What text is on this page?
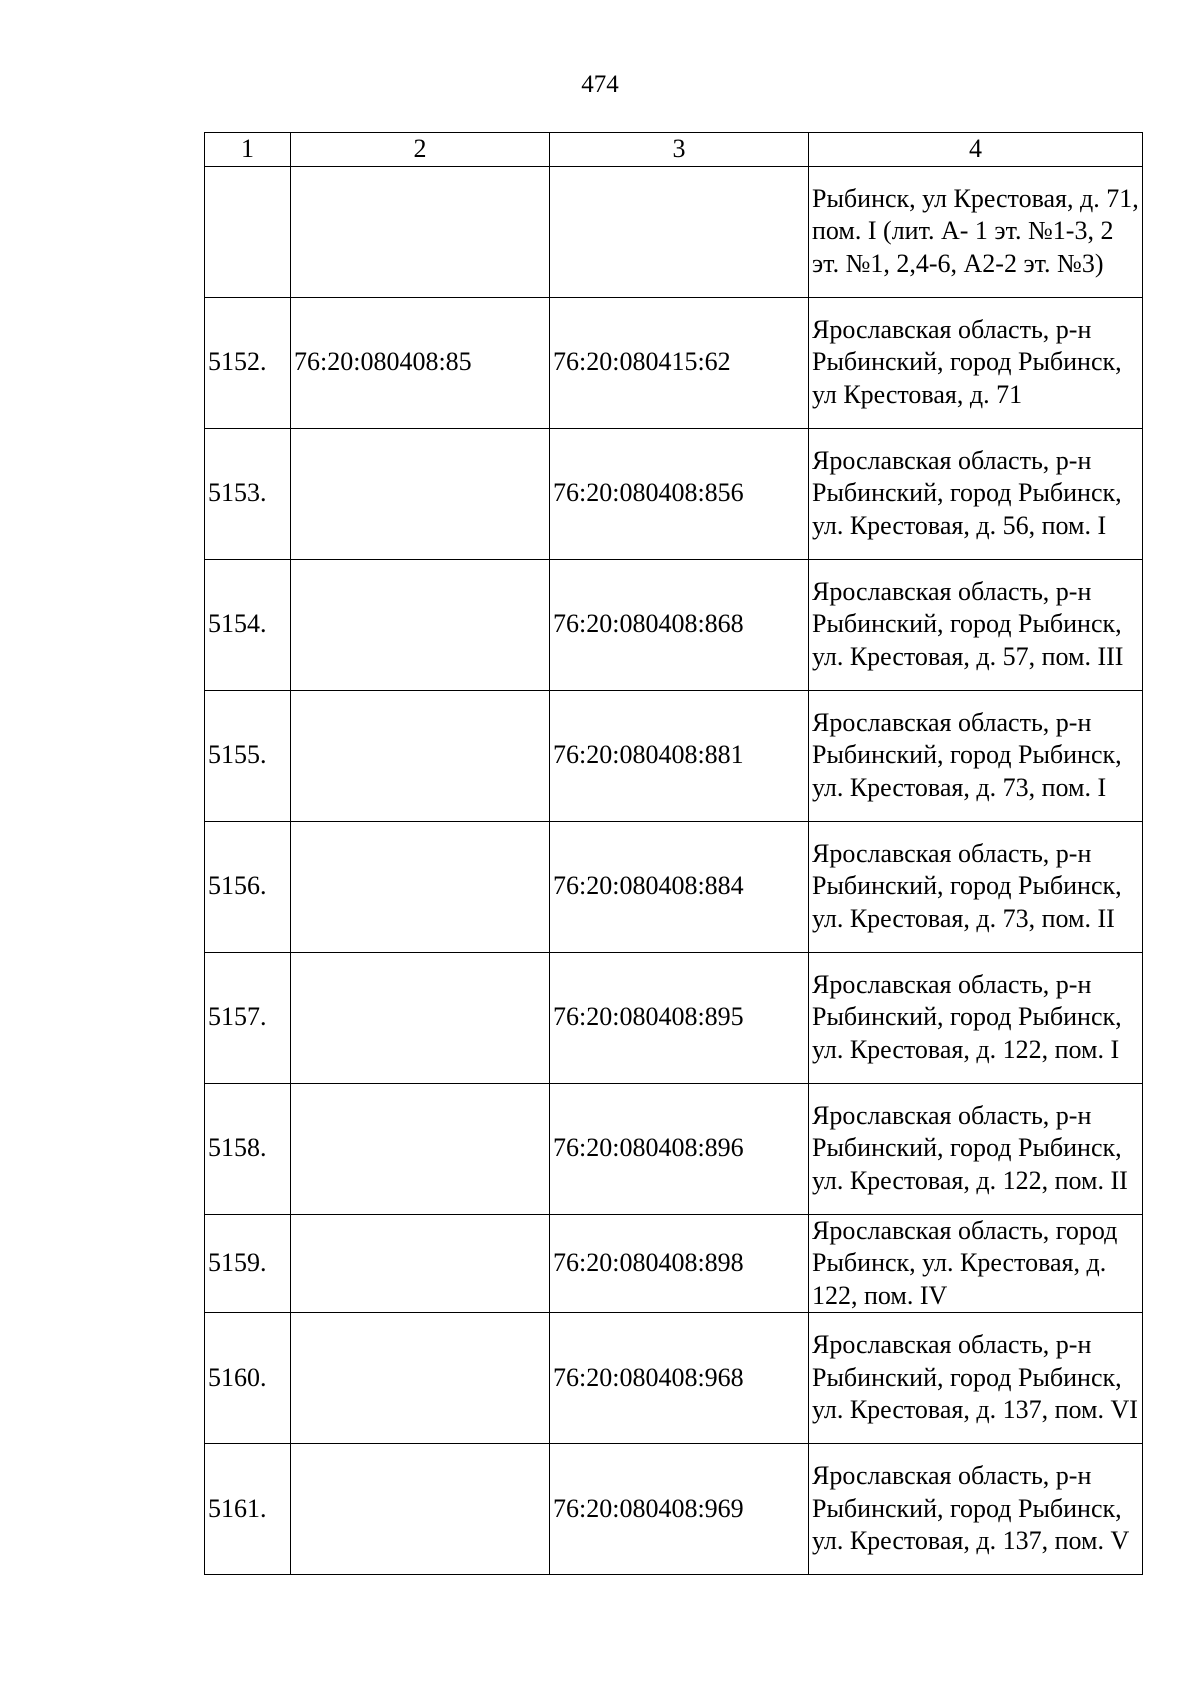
474
1	2	3	4
			Рыбинск, ул Крестовая, д. 71, пом. I (лит. А- 1 эт. №1-3, 2 эт. №1, 2,4-6, А2-2 эт. №3)
5152.	76:20:080408:85	76:20:080415:62	Ярославская область, р-н Рыбинский, город Рыбинск, ул Крестовая, д. 71
5153.		76:20:080408:856	Ярославская область, р-н Рыбинский, город Рыбинск, ул. Крестовая, д. 56, пом. I
5154.		76:20:080408:868	Ярославская область, р-н Рыбинский, город Рыбинск, ул. Крестовая, д. 57, пом. III
5155.		76:20:080408:881	Ярославская область, р-н Рыбинский, город Рыбинск, ул. Крестовая, д. 73, пом. I
5156.		76:20:080408:884	Ярославская область, р-н Рыбинский, город Рыбинск, ул. Крестовая, д. 73, пом. II
5157.		76:20:080408:895	Ярославская область, р-н Рыбинский, город Рыбинск, ул. Крестовая, д. 122, пом. I
5158.		76:20:080408:896	Ярославская область, р-н Рыбинский, город Рыбинск, ул. Крестовая, д. 122, пом. II
5159.		76:20:080408:898	Ярославская область, город Рыбинск, ул. Крестовая, д. 122, пом. IV
5160.		76:20:080408:968	Ярославская область, р-н Рыбинский, город Рыбинск, ул. Крестовая, д. 137, пом. VI
5161.		76:20:080408:969	Ярославская область, р-н Рыбинский, город Рыбинск, ул. Крестовая, д. 137, пом. V
